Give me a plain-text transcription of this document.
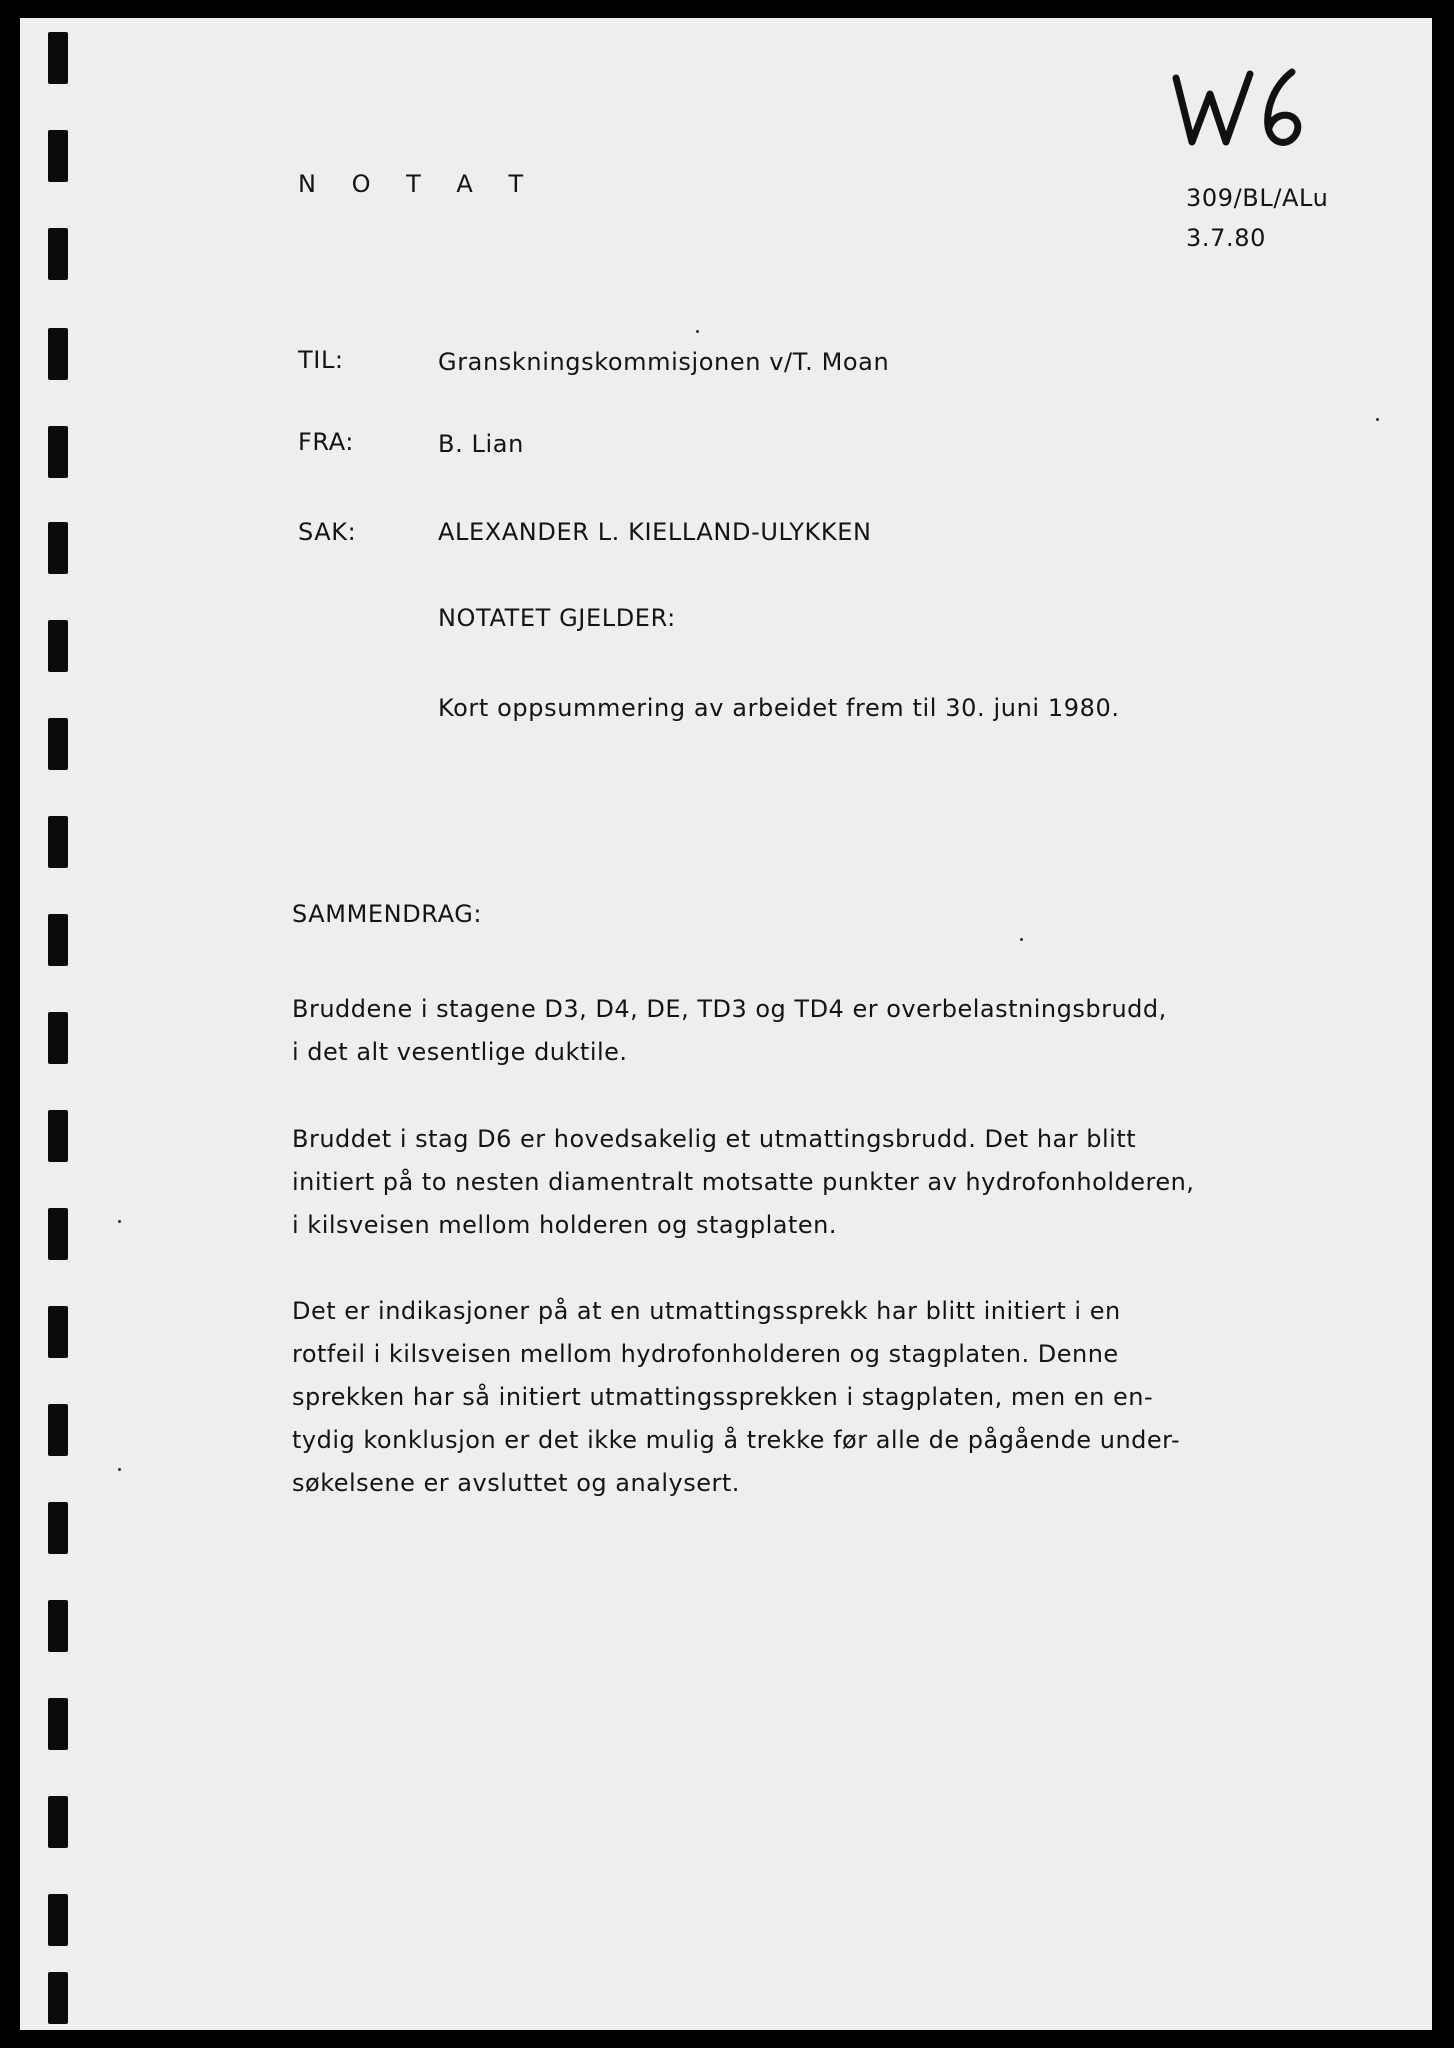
N O T A T	309/BL/ALu
3.7.80
TIL:	Granskningskommisjonen v/T. Moan
FRA:	B. Lian
SAK:	ALEXANDER L. KIELLAND-ULYKKEN
NOTATET GJELDER:
Kort oppsummering av arbeidet frem til 30. juni 1980.
SAMMENDRAG:
Bruddene i stagene D3, D4, DE, TD3 og TD4 er overbelastningsbrudd,
i det alt vesentlige duktile.
Bruddet i stag D6 er hovedsakelig et utmattingsbrudd. Det har blitt
initiert på to nesten diamentralt motsatte punkter av hydrofonholderen,
i kilsveisen mellom holderen og stagplaten.
Det er indikasjoner på at en utmattingssprekk har blitt initiert i en
rotfeil i kilsveisen mellom hydrofonholderen og stagplaten. Denne
sprekken har så initiert utmattingssprekken i stagplaten, men en en-
tydig konklusjon er det ikke mulig å trekke før alle de pågående under-
søkelsene er avsluttet og analysert.
